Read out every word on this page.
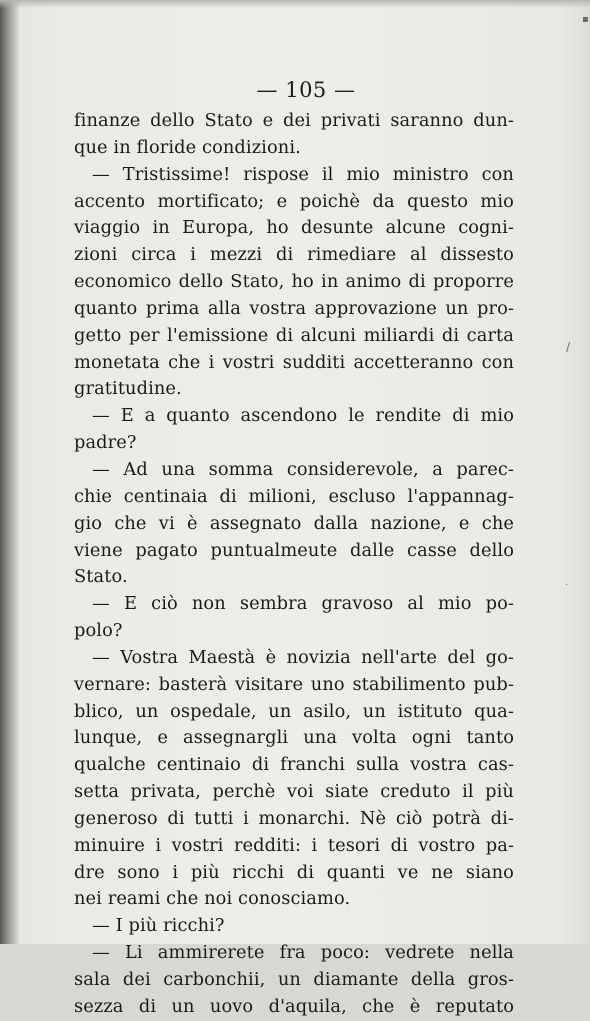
— 105 —
finanze dello Stato e dei privati saranno dun-
que in floride condizioni.
— Tristissime! rispose il mio ministro con
accento mortificato; e poichè da questo mio
viaggio in Europa, ho desunte alcune cogni-
zioni circa i mezzi di rimediare al dissesto
economico dello Stato, ho in animo di proporre
quanto prima alla vostra approvazione un pro-
getto per l'emissione di alcuni miliardi di carta
monetata che i vostri sudditi accetteranno con
gratitudine.
— E a quanto ascendono le rendite di mio
padre?
— Ad una somma considerevole, a parec-
chie centinaia di milioni, escluso l'appannag-
gio che vi è assegnato dalla nazione, e che
viene pagato puntualmeute dalle casse dello
Stato.
— E ciò non sembra gravoso al mio po-
polo?
— Vostra Maestà è novizia nell'arte del go-
vernare: basterà visitare uno stabilimento pub-
blico, un ospedale, un asilo, un istituto qua-
lunque, e assegnargli una volta ogni tanto
qualche centinaio di franchi sulla vostra cas-
setta privata, perchè voi siate creduto il più
generoso di tutti i monarchi. Nè ciò potrà di-
minuire i vostri redditi: i tesori di vostro pa-
dre sono i più ricchi di quanti ve ne siano
nei reami che noi conosciamo.
— I più ricchi?
— Li ammirerete fra poco: vedrete nella
sala dei carbonchii, un diamante della gros-
sezza di un uovo d'aquila, che è reputato
▪
/
·
